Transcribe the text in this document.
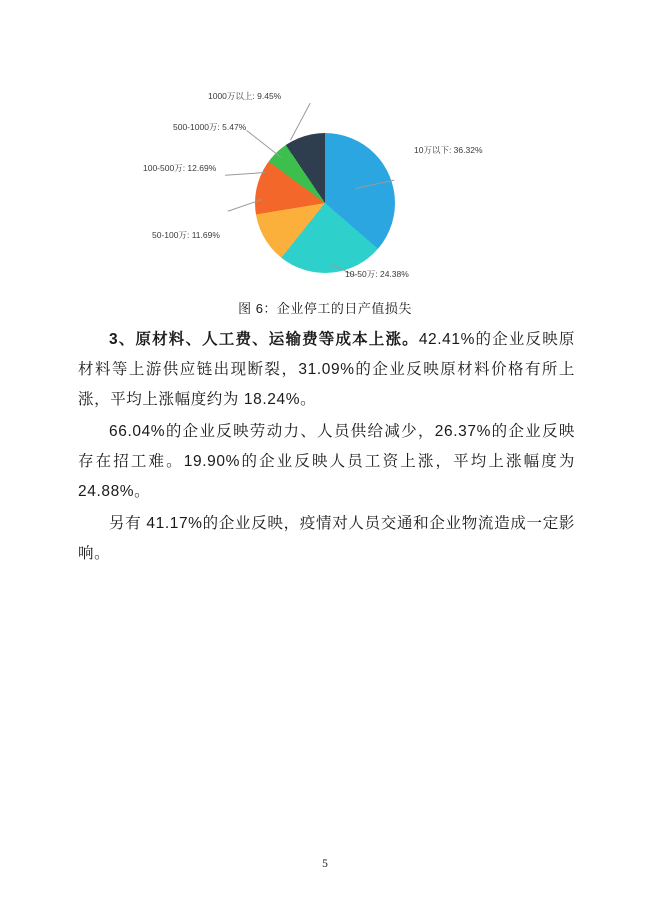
1000万以上: 9.45%
500-1000万: 5.47%
100-500万: 12.69%
50-100万: 11.69%
10万以下: 36.32%
10-50万: 24.38%
图 6：企业停工的日产值损失

3、原材料、人工费、运输费等成本上涨。42.41%的企业反映原材料等上游供应链出现断裂，31.09%的企业反映原材料价格有所上涨，平均上涨幅度约为 18.24%。

66.04%的企业反映劳动力、人员供给减少，26.37%的企业反映存在招工难。19.90%的企业反映人员工资上涨，平均上涨幅度为 24.88%。

另有 41.17%的企业反映，疫情对人员交通和企业物流造成一定影响。

5
